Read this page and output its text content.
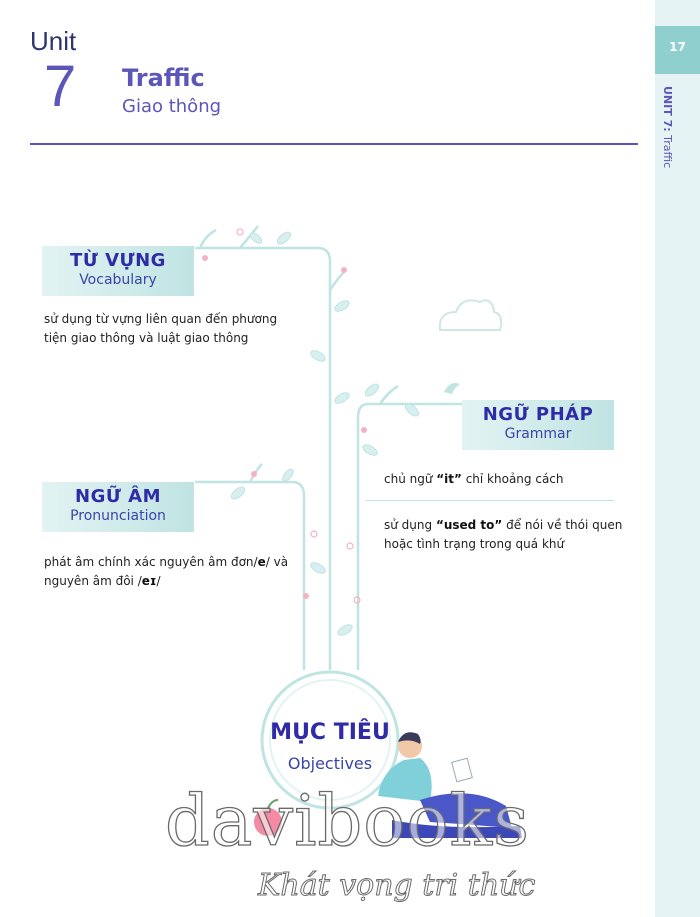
17
UNIT 7: Traffic
Unit
7 Traffic
Giao thông
TỪ VỰNG
Vocabulary
sử dụng từ vựng liên quan đến phương tiện giao thông và luật giao thông
NGỮ PHÁP
Grammar
chủ ngữ “it” chỉ khoảng cách
sử dụng “used to” để nói về thói quen hoặc tình trạng trong quá khứ
NGỮ ÂM
Pronunciation
phát âm chính xác nguyên âm đơn/e/ và nguyên âm đôi /eɪ/
MỤC TIÊU
Objectives
davibooks
Khát vọng tri thức
